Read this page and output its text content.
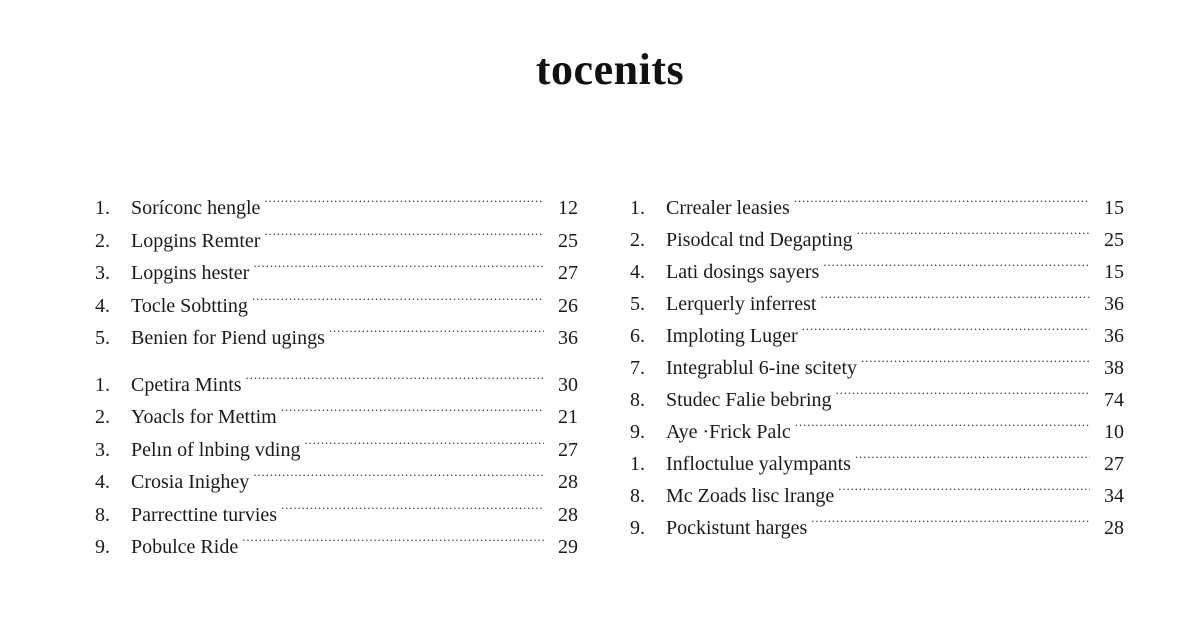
tocenits
1.	Soríconc hengle . . .	12
2.	Lopgins Remter . . .	25
3.	Lopgins hester . . .	27
4.	Tocle Sobtting . . .	26
5.	Benien for Piend ugings . . .	36
1.	Cpetira Mints . . .	30
2.	Yoacls for Mettim . . .	21
3.	Pelın of lnbing vding . . .	27
4.	Crosia Inighey . . .	28
8.	Parrecttine turvies . . .	28
9.	Pobulce Ride . . .	29
1.	Crrealer leasies . . .	15
2.	Pisodcal tnd Degapting . . .	25
4.	Lati dosings sayers . . .	15
5.	Lerquerly inferrest . . .	36
6.	Imploting Luger . . .	36
7.	Integrablul 6-ine scitety . . .	38
8.	Studec Falie bebring . . .	74
9.	Aye ·Frick Palc . . .	10
1.	Infloctulue yalympants . . .	27
8.	Mc Zoads lisc lrange . . .	34
9.	Pockistunt harges . . .	28
